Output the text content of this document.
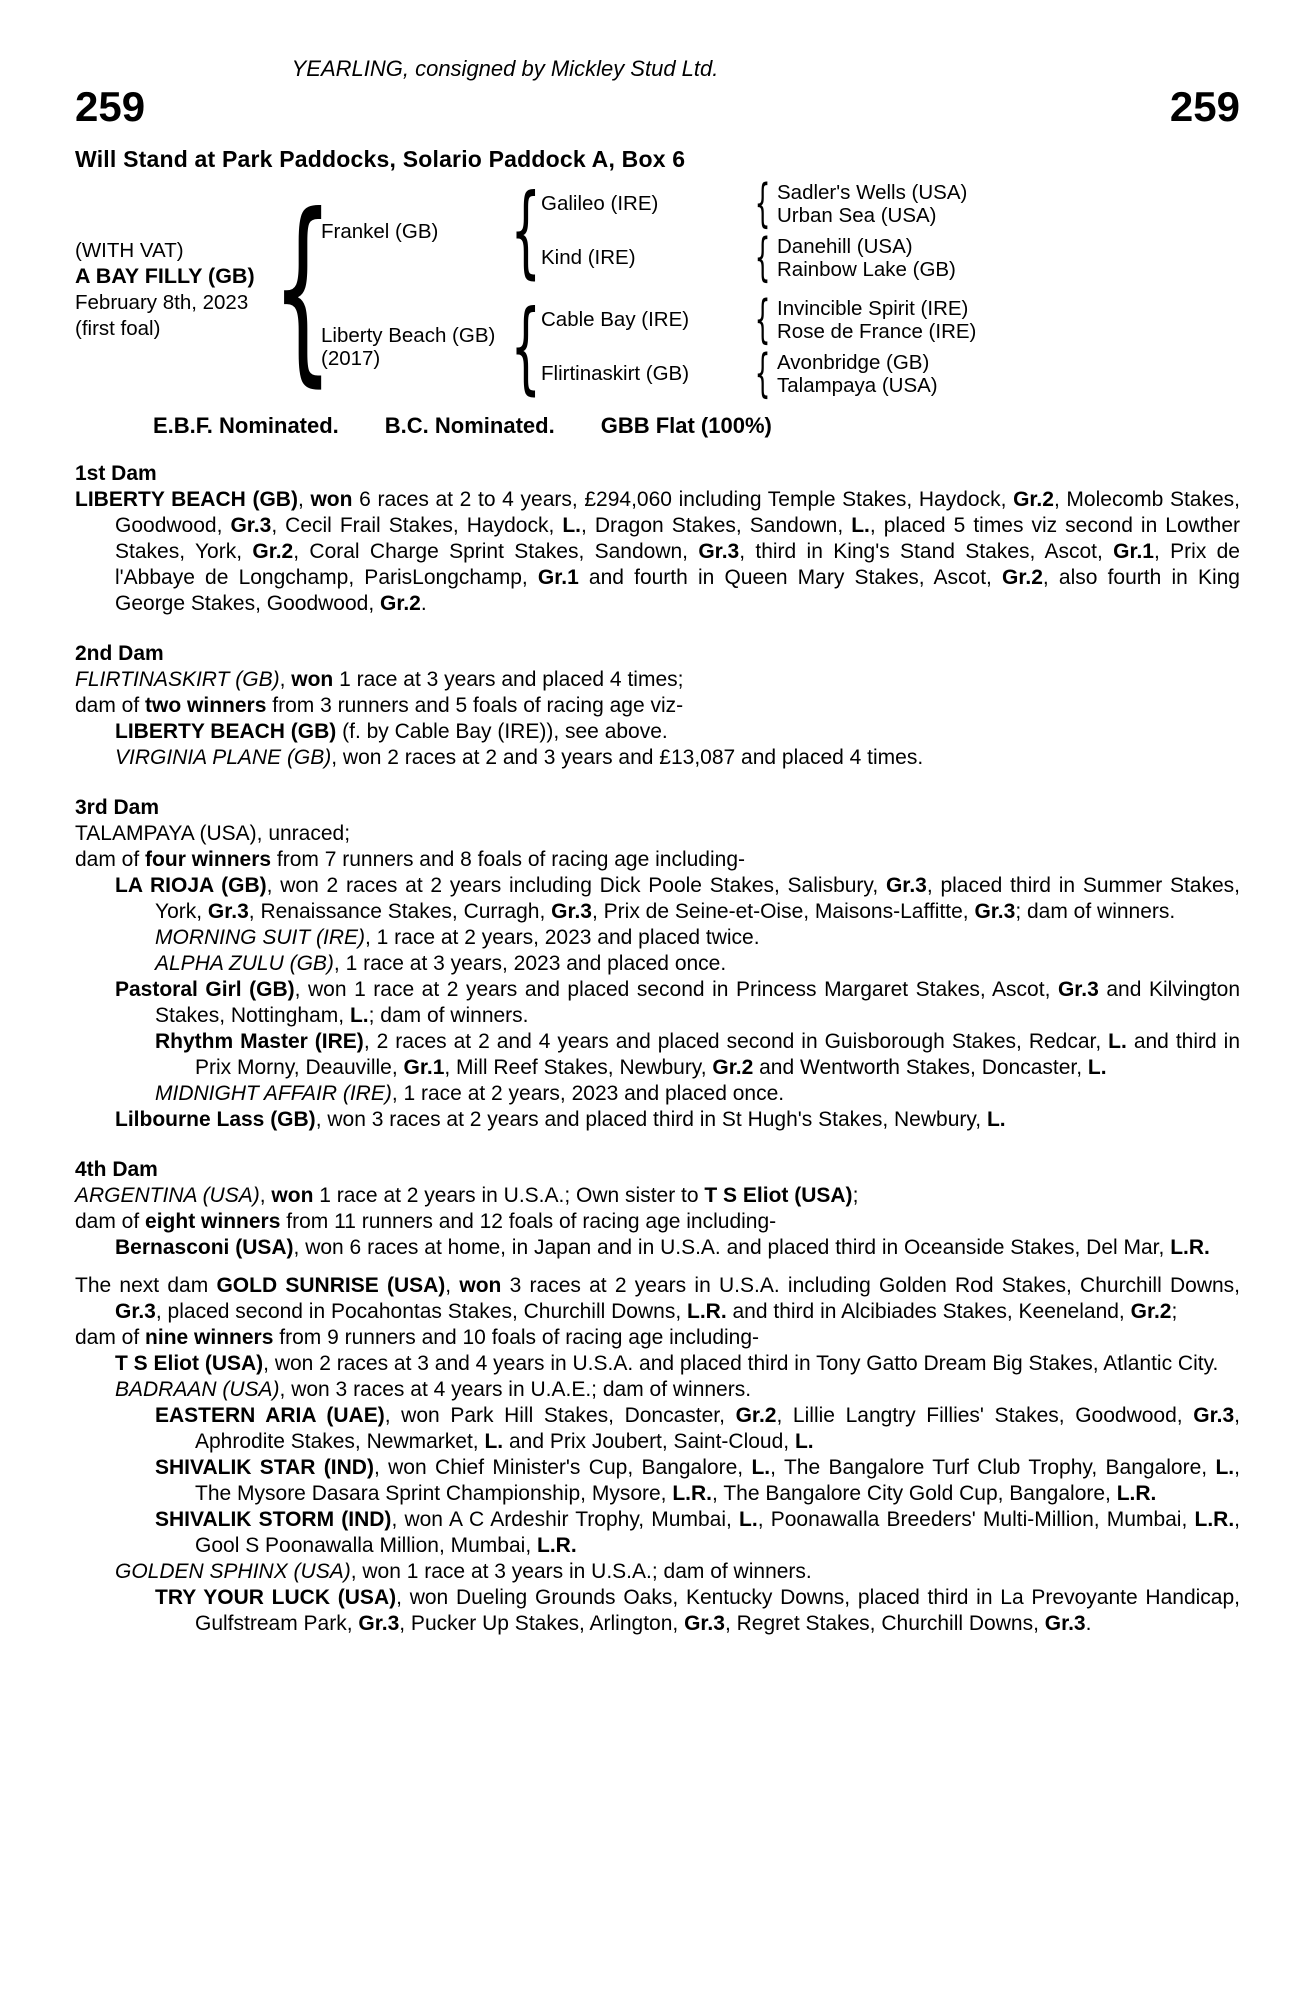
YEARLING, consigned by Mickley Stud Ltd.
259	259
Will Stand at Park Paddocks, Solario Paddock A, Box 6
(WITH VAT)
A BAY FILLY (GB)
February 8th, 2023
(first foal)
{
Frankel (GB)
{
Galileo (IRE) {	Sadler's Wells (USA)
Urban Sea (USA)
Kind (IRE) {	Danehill (USA)
Rainbow Lake (GB)
Liberty Beach (GB)
(2017)
{
Cable Bay (IRE) {	Invincible Spirit (IRE)
Rose de France (IRE)
Flirtinaskirt (GB) {	Avonbridge (GB)
Talampaya (USA)
E.B.F. Nominated. B.C. Nominated. GBB Flat (100%)
1st Dam

LIBERTY BEACH (GB), won 6 races at 2 to 4 years, £294,060 including Temple Stakes, Haydock, Gr.2, Molecomb Stakes, Goodwood, Gr.3, Cecil Frail Stakes, Haydock, L., Dragon Stakes, Sandown, L., placed 5 times viz second in Lowther Stakes, York, Gr.2, Coral Charge Sprint Stakes, Sandown, Gr.3, third in King's Stand Stakes, Ascot, Gr.1, Prix de l'Abbaye de Longchamp, ParisLongchamp, Gr.1 and fourth in Queen Mary Stakes, Ascot, Gr.2, also fourth in King George Stakes, Goodwood, Gr.2.

2nd Dam

FLIRTINASKIRT (GB), won 1 race at 3 years and placed 4 times;

dam of two winners from 3 runners and 5 foals of racing age viz-

LIBERTY BEACH (GB) (f. by Cable Bay (IRE)), see above.

VIRGINIA PLANE (GB), won 2 races at 2 and 3 years and £13,087 and placed 4 times.

3rd Dam

TALAMPAYA (USA), unraced;

dam of four winners from 7 runners and 8 foals of racing age including-

LA RIOJA (GB), won 2 races at 2 years including Dick Poole Stakes, Salisbury, Gr.3, placed third in Summer Stakes, York, Gr.3, Renaissance Stakes, Curragh, Gr.3, Prix de Seine-et-Oise, Maisons-Laffitte, Gr.3; dam of winners.

MORNING SUIT (IRE), 1 race at 2 years, 2023 and placed twice.

ALPHA ZULU (GB), 1 race at 3 years, 2023 and placed once.

Pastoral Girl (GB), won 1 race at 2 years and placed second in Princess Margaret Stakes, Ascot, Gr.3 and Kilvington Stakes, Nottingham, L.; dam of winners.

Rhythm Master (IRE), 2 races at 2 and 4 years and placed second in Guisborough Stakes, Redcar, L. and third in Prix Morny, Deauville, Gr.1, Mill Reef Stakes, Newbury, Gr.2 and Wentworth Stakes, Doncaster, L.

MIDNIGHT AFFAIR (IRE), 1 race at 2 years, 2023 and placed once.

Lilbourne Lass (GB), won 3 races at 2 years and placed third in St Hugh's Stakes, Newbury, L.

4th Dam

ARGENTINA (USA), won 1 race at 2 years in U.S.A.; Own sister to T S Eliot (USA);

dam of eight winners from 11 runners and 12 foals of racing age including-

Bernasconi (USA), won 6 races at home, in Japan and in U.S.A. and placed third in Oceanside Stakes, Del Mar, L.R.

The next dam GOLD SUNRISE (USA), won 3 races at 2 years in U.S.A. including Golden Rod Stakes, Churchill Downs, Gr.3, placed second in Pocahontas Stakes, Churchill Downs, L.R. and third in Alcibiades Stakes, Keeneland, Gr.2;

dam of nine winners from 9 runners and 10 foals of racing age including-

T S Eliot (USA), won 2 races at 3 and 4 years in U.S.A. and placed third in Tony Gatto Dream Big Stakes, Atlantic City.

BADRAAN (USA), won 3 races at 4 years in U.A.E.; dam of winners.

EASTERN ARIA (UAE), won Park Hill Stakes, Doncaster, Gr.2, Lillie Langtry Fillies' Stakes, Goodwood, Gr.3, Aphrodite Stakes, Newmarket, L. and Prix Joubert, Saint-Cloud, L.

SHIVALIK STAR (IND), won Chief Minister's Cup, Bangalore, L., The Bangalore Turf Club Trophy, Bangalore, L., The Mysore Dasara Sprint Championship, Mysore, L.R., The Bangalore City Gold Cup, Bangalore, L.R.

SHIVALIK STORM (IND), won A C Ardeshir Trophy, Mumbai, L., Poonawalla Breeders' Multi-Million, Mumbai, L.R., Gool S Poonawalla Million, Mumbai, L.R.

GOLDEN SPHINX (USA), won 1 race at 3 years in U.S.A.; dam of winners.

TRY YOUR LUCK (USA), won Dueling Grounds Oaks, Kentucky Downs, placed third in La Prevoyante Handicap, Gulfstream Park, Gr.3, Pucker Up Stakes, Arlington, Gr.3, Regret Stakes, Churchill Downs, Gr.3.
